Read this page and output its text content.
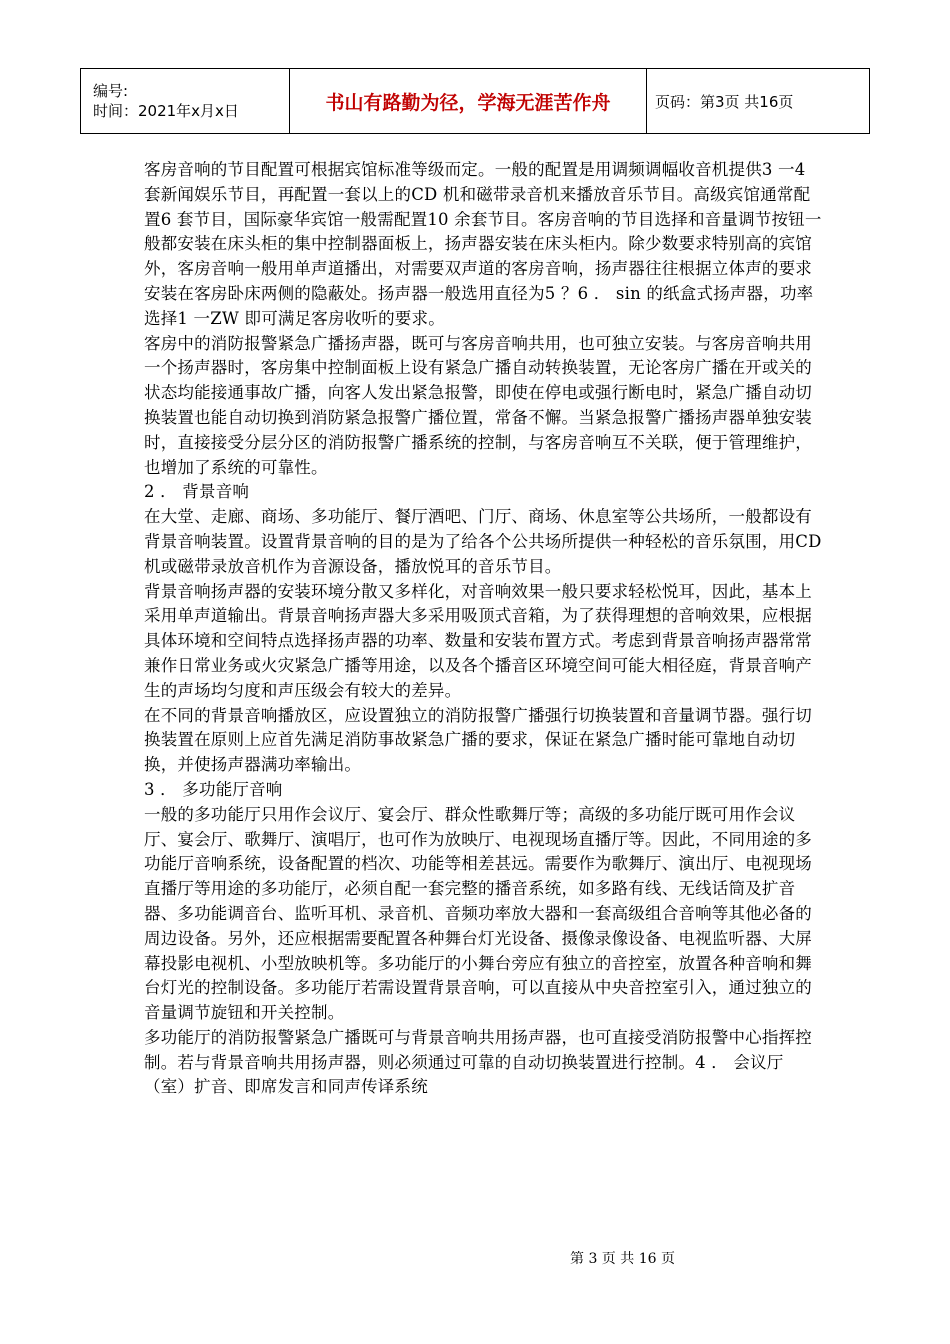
编号:
时间：2021年x月x日	书山有路勤为径，学海无涯苦作舟	页码：第3页 共16页

客房音响的节目配置可根据宾馆标准等级而定。一般的配置是用调频调幅收音机提供3 一4 套新闻娱乐节目，再配置一套以上的CD 机和磁带录音机来播放音乐节目。高级宾馆通常配置6 套节目，国际豪华宾馆一般需配置10 余套节目。客房音响的节目选择和音量调节按钮一般都安装在床头柜的集中控制器面板上，扬声器安装在床头柜内。除少数要求特别高的宾馆外，客房音响一般用单声道播出，对需要双声道的客房音响，扬声器往往根据立体声的要求安装在客房卧床两侧的隐蔽处。扬声器一般选用直径为5 ？6 ． sin 的纸盒式扬声器，功率选择1 一ZW 即可满足客房收听的要求。

客房中的消防报警紧急广播扬声器，既可与客房音响共用，也可独立安装。与客房音响共用一个扬声器时，客房集中控制面板上设有紧急广播自动转换装置，无论客房广播在开或关的状态均能接通事故广播，向客人发出紧急报警，即使在停电或强行断电时，紧急广播自动切换装置也能自动切换到消防紧急报警广播位置，常备不懈。当紧急报警广播扬声器单独安装时，直接接受分层分区的消防报警广播系统的控制，与客房音响互不关联，便于管理维护，也增加了系统的可靠性。

2 ． 背景音响

在大堂、走廊、商场、多功能厅、餐厅酒吧、门厅、商场、休息室等公共场所，一般都设有背景音响装置。设置背景音响的目的是为了给各个公共场所提供一种轻松的音乐氛围，用CD 机或磁带录放音机作为音源设备，播放悦耳的音乐节目。

背景音响扬声器的安装环境分散又多样化，对音响效果一般只要求轻松悦耳，因此，基本上采用单声道输出。背景音响扬声器大多采用吸顶式音箱，为了获得理想的音响效果，应根据具体环境和空间特点选择扬声器的功率、数量和安装布置方式。考虑到背景音响扬声器常常兼作日常业务或火灾紧急广播等用途，以及各个播音区环境空间可能大相径庭，背景音响产生的声场均匀度和声压级会有较大的差异。

在不同的背景音响播放区，应设置独立的消防报警广播强行切换装置和音量调节器。强行切换装置在原则上应首先满足消防事故紧急广播的要求，保证在紧急广播时能可靠地自动切换，并使扬声器满功率输出。

3 ． 多功能厅音响

一般的多功能厅只用作会议厅、宴会厅、群众性歌舞厅等；高级的多功能厅既可用作会议厅、宴会厅、歌舞厅、演唱厅，也可作为放映厅、电视现场直播厅等。因此，不同用途的多功能厅音响系统，设备配置的档次、功能等相差甚远。需要作为歌舞厅、演出厅、电视现场直播厅等用途的多功能厅，必须自配一套完整的播音系统，如多路有线、无线话筒及扩音器、多功能调音台、监听耳机、录音机、音频功率放大器和一套高级组合音响等其他必备的周边设备。另外，还应根据需要配置各种舞台灯光设备、摄像录像设备、电视监听器、大屏幕投影电视机、小型放映机等。多功能厅的小舞台旁应有独立的音控室，放置各种音响和舞台灯光的控制设备。多功能厅若需设置背景音响，可以直接从中央音控室引入，通过独立的音量调节旋钮和开关控制。

多功能厅的消防报警紧急广播既可与背景音响共用扬声器，也可直接受消防报警中心指挥控制。若与背景音响共用扬声器，则必须通过可靠的自动切换装置进行控制。4 ． 会议厅（室）扩音、即席发言和同声传译系统

第 3 页 共 16 页
